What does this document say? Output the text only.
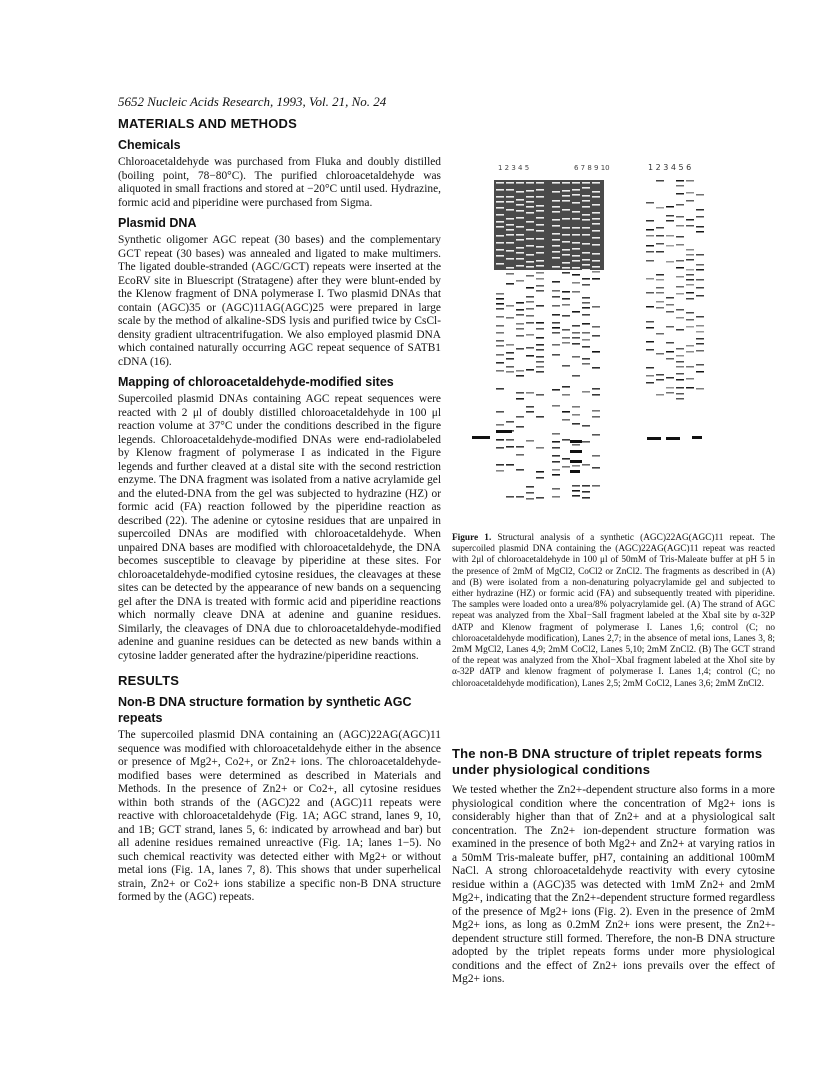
5652 Nucleic Acids Research, 1993, Vol. 21, No. 24
MATERIALS AND METHODS
Chemicals

Chloroacetaldehyde was purchased from Fluka and doubly distilled (boiling point, 78−80°C). The purified chloroacetaldehyde was aliquoted in small fractions and stored at −20°C until used. Hydrazine, formic acid and piperidine were purchased from Sigma.

Plasmid DNA

Synthetic oligomer AGC repeat (30 bases) and the complementary GCT repeat (30 bases) was annealed and ligated to make multimers. The ligated double-stranded (AGC/GCT) repeats were inserted at the EcoRV site in Bluescript (Stratagene) after they were blunt-ended by the Klenow fragment of DNA polymerase I. Two plasmid DNAs that contain (AGC)35 or (AGC)11AG(AGC)25 were prepared in large scale by the method of alkaline-SDS lysis and purified twice by CsCl-density gradient ultracentrifugation. We also employed plasmid DNA which contained naturally occurring AGC repeat sequence of SATB1 cDNA (16).

Mapping of chloroacetaldehyde-modified sites

Supercoiled plasmid DNAs containing AGC repeat sequences were reacted with 2 μl of doubly distilled chloroacetaldehyde in 100 μl reaction volume at 37°C under the conditions described in the figure legends. Chloroacetaldehyde-modified DNAs were end-radiolabeled by Klenow fragment of polymerase I as indicated in the Figure legends and further cleaved at a distal site with the second restriction enzyme. The DNA fragment was isolated from a native acrylamide gel and the eluted-DNA from the gel was subjected to hydrazine (HZ) or formic acid (FA) reaction followed by the piperidine reaction as described (22). The adenine or cytosine residues that are unpaired in supercoiled DNAs are modified with chloroacetaldehyde. When unpaired DNA bases are modified with chloroacetaldehyde, the DNA becomes susceptible to cleavage by piperidine at these sites. For chloroacetaldehyde-modified cytosine residues, the cleavages at these sites can be detected by the appearance of new bands on a sequencing gel after the DNA is treated with formic acid and piperidine reactions which normally cleave DNA at adenine and guanine residues. Similarly, the cleavages of DNA due to chloroacetaldehyde-modified adenine and guanine residues can be detected as new bands within a cytosine ladder generated after the hydrazine/piperidine reactions.

RESULTS
Non-B DNA structure formation by synthetic AGC repeats

The supercoiled plasmid DNA containing an (AGC)22AG(AGC)11 sequence was modified with chloroacetaldehyde either in the absence or presence of Mg2+, Co2+, or Zn2+ ions. The chloroacetaldehyde-modified bases were determined as described in Materials and Methods. In the presence of Zn2+ or Co2+, all cytosine residues within both strands of the (AGC)22 and (AGC)11 repeats were reactive with chloroacetaldehyde (Fig. 1A; AGC strand, lanes 9, 10, and 1B; GCT strand, lanes 5, 6: indicated by arrowhead and bar) but all adenine residues remained unreactive (Fig. 1A; lanes 1−5). No such chemical reactivity was detected either with Mg2+ or without metal ions (Fig. 1A, lanes 7, 8). This shows that under superhelical strain, Zn2+ or Co2+ ions stabilize a specific non-B DNA structure formed by the (AGC) repeats.

1 2 3 4 5	6 7 8 9 10	1 2 3 4 5 6
Figure 1. Structural analysis of a synthetic (AGC)22AG(AGC)11 repeat. The supercoiled plasmid DNA containing the (AGC)22AG(AGC)11 repeat was reacted with 2μl of chloroacetaldehyde in 100 μl of 50mM of Tris-Maleate buffer at pH 5 in the presence of 2mM of MgCl2, CoCl2 or ZnCl2. The fragments as described in (A) and (B) were isolated from a non-denaturing polyacrylamide gel and subjected to either hydrazine (HZ) or formic acid (FA) and subsequently treated with piperidine. The samples were loaded onto a urea/8% polyacrylamide gel. (A) The strand of AGC repeat was analyzed from the XbaI−SalI fragment labeled at the XbaI site by α-32P dATP and Klenow fragment of polymerase I. Lanes 1,6; control (C; no chloroacetaldehyde modification), Lanes 2,7; in the absence of metal ions, Lanes 3, 8; 2mM MgCl2, Lanes 4,9; 2mM CoCl2, Lanes 5,10; 2mM ZnCl2. (B) The GCT strand of the repeat was analyzed from the XhoI−XbaI fragment labeled at the XhoI site by α-32P dATP and klenow fragment of polymerase I. Lanes 1,4; control (C; no chloroacetaldehyde modification), Lanes 2,5; 2mM CoCl2, Lanes 3,6; 2mM ZnCl2.
The non-B DNA structure of triplet repeats forms under physiological conditions

We tested whether the Zn2+-dependent structure also forms in a more physiological condition where the concentration of Mg2+ ions is considerably higher than that of Zn2+ and at a physiological salt concentration. The Zn2+ ion-dependent structure formation was examined in the presence of both Mg2+ and Zn2+ at varying ratios in a 50mM Tris-maleate buffer, pH7, containing an additional 100mM NaCl. A strong chloroacetaldehyde reactivity with every cytosine residue within a (AGC)35 was detected with 1mM Zn2+ and 2mM Mg2+, indicating that the Zn2+-dependent structure formed regardless of the presence of Mg2+ ions (Fig. 2). Even in the presence of 2mM Mg2+ ions, as long as 0.2mM Zn2+ ions were present, the Zn2+-dependent structure still formed. Therefore, the non-B DNA structure adopted by the triplet repeats forms under more physiological conditions and the effect of Zn2+ ions prevails over the effect of Mg2+ ions.
